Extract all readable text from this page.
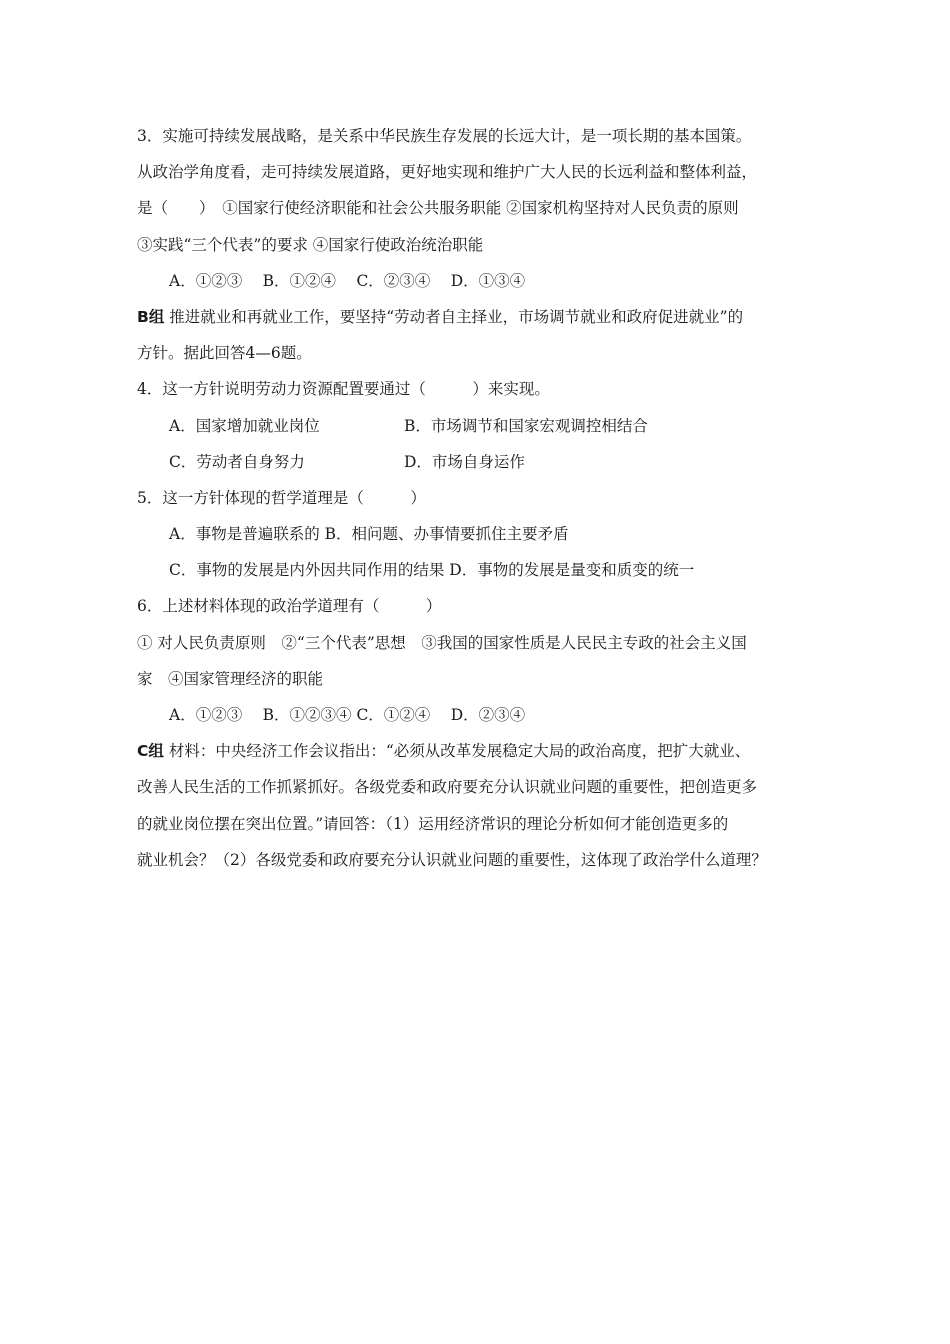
3．实施可持续发展战略，是关系中华民族生存发展的长远大计，是一项长期的基本国策。
从政治学角度看，走可持续发展道路，更好地实现和维护广大人民的长远利益和整体利益，
是（　　）　①国家行使经济职能和社会公共服务职能 ②国家机构坚持对人民负责的原则
③实践“三个代表”的要求 ④国家行使政治统治职能
A．①②③　 B．①②④　 C．②③④　 D．①③④
B组 推进就业和再就业工作，要坚持“劳动者自主择业，市场调节就业和政府促进就业”的
方针。据此回答4—6题。
4．这一方针说明劳动力资源配置要通过（　　　）来实现。
A．国家增加就业岗位	B．市场调节和国家宏观调控相结合
C．劳动者自身努力	D．市场自身运作
5．这一方针体现的哲学道理是（　　　）
A．事物是普遍联系的 B．相问题、办事情要抓住主要矛盾
C．事物的发展是内外因共同作用的结果 D．事物的发展是量变和质变的统一
6．上述材料体现的政治学道理有（　　　）
① 对人民负责原则　②“三个代表”思想　③我国的国家性质是人民民主专政的社会主义国
家　④国家管理经济的职能
A．①②③　 B．①②③④ C．①②④　 D．②③④
C组 材料：中央经济工作会议指出：“必须从改革发展稳定大局的政治高度，把扩大就业、
改善人民生活的工作抓紧抓好。各级党委和政府要充分认识就业问题的重要性，把创造更多
的就业岗位摆在突出位置。”请回答：（1）运用经济常识的理论分析如何才能创造更多的
就业机会？（2）各级党委和政府要充分认识就业问题的重要性，这体现了政治学什么道理？
